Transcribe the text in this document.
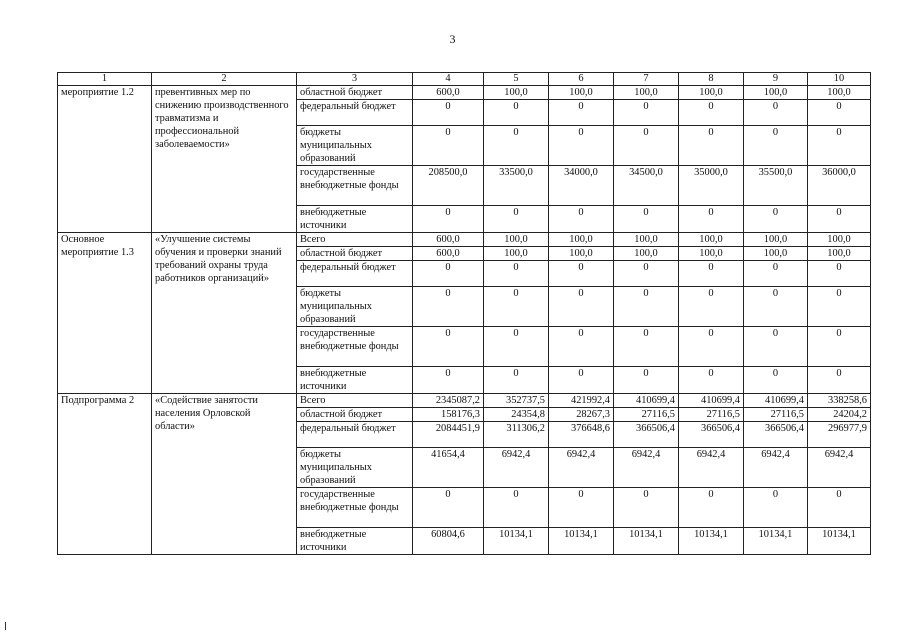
3
1	2	3	4	5	6	7	8	9	10
мероприятие 1.2	превентивных мер по снижению производственного травматизма и профессиональной заболеваемости»	областной бюджет	600,0	100,0	100,0	100,0	100,0	100,0	100,0
		федеральный бюджет	0	0	0	0	0	0	0
		бюджеты муниципальных образований	0	0	0	0	0	0	0
		государственные внебюджетные фонды	208500,0	33500,0	34000,0	34500,0	35000,0	35500,0	36000,0
		внебюджетные источники	0	0	0	0	0	0	0
Основное мероприятие 1.3	«Улучшение системы обучения и проверки знаний требований охраны труда работников организаций»	Всего	600,0	100,0	100,0	100,0	100,0	100,0	100,0
		областной бюджет	600,0	100,0	100,0	100,0	100,0	100,0	100,0
		федеральный бюджет	0	0	0	0	0	0	0
		бюджеты муниципальных образований	0	0	0	0	0	0	0
		государственные внебюджетные фонды	0	0	0	0	0	0	0
		внебюджетные источники	0	0	0	0	0	0	0
Подпрограмма 2	«Содействие занятости населения Орловской области»	Всего	2345087,2	352737,5	421992,4	410699,4	410699,4	410699,4	338258,6
		областной бюджет	158176,3	24354,8	28267,3	27116,5	27116,5	27116,5	24204,2
		федеральный бюджет	2084451,9	311306,2	376648,6	366506,4	366506,4	366506,4	296977,9
		бюджеты муниципальных образований	41654,4	6942,4	6942,4	6942,4	6942,4	6942,4	6942,4
		государственные внебюджетные фонды	0	0	0	0	0	0	0
		внебюджетные источники	60804,6	10134,1	10134,1	10134,1	10134,1	10134,1	10134,1
